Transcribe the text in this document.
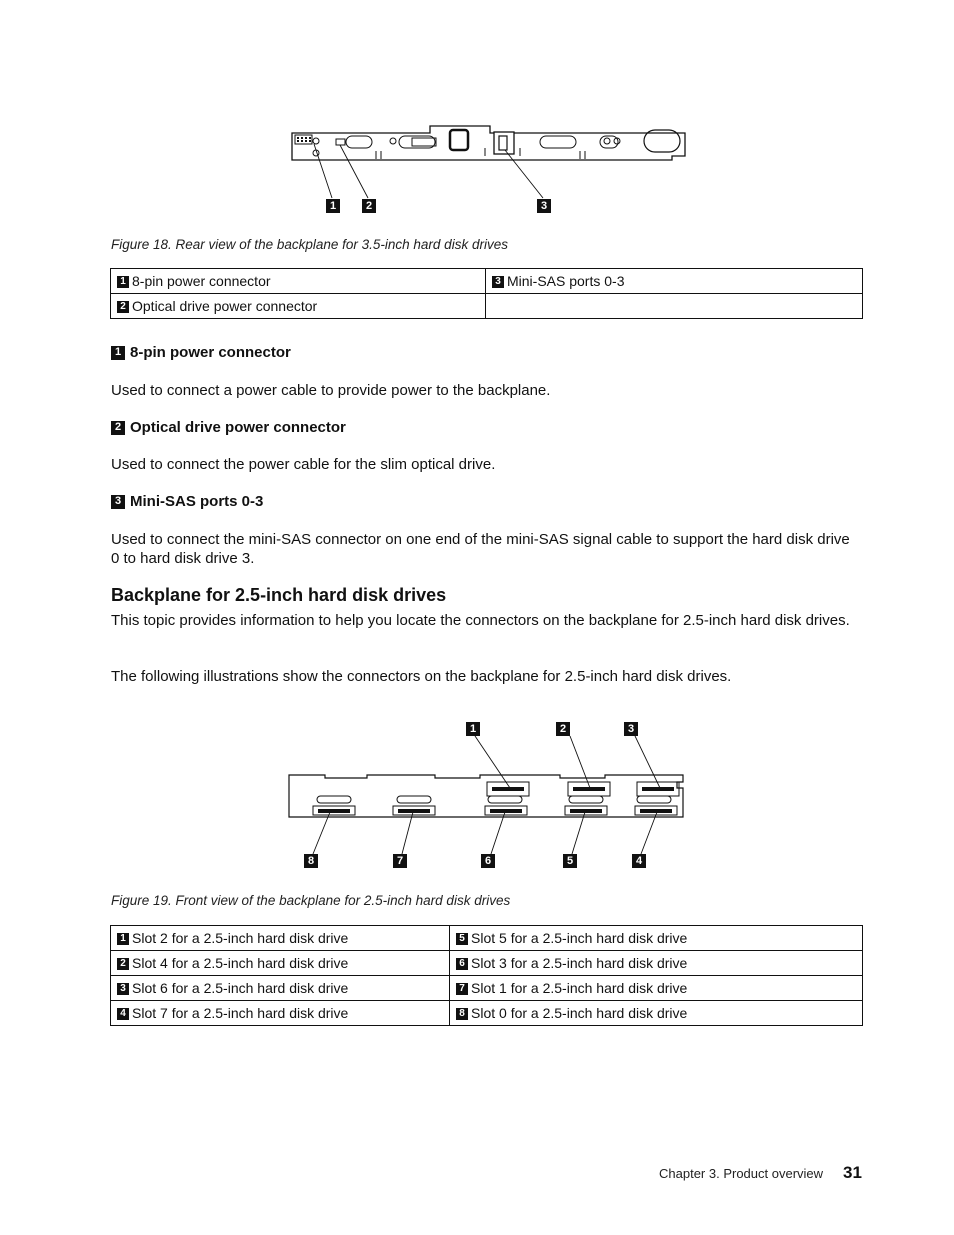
1	2	3
Figure 18. Rear view of the backplane for 3.5-inch hard disk drives
1 8-pin power connector	3 Mini-SAS ports 0-3
2 Optical drive power connector	
1 8-pin power connector
Used to connect a power cable to provide power to the backplane.
2 Optical drive power connector
Used to connect the power cable for the slim optical drive.
3 Mini-SAS ports 0-3
Used to connect the mini-SAS connector on one end of the mini-SAS signal cable to support the hard disk drive 0 to hard disk drive 3.
Backplane for 2.5-inch hard disk drives
This topic provides information to help you locate the connectors on the backplane for 2.5-inch hard disk drives.
The following illustrations show the connectors on the backplane for 2.5-inch hard disk drives.
1	2	3
8	7	6	5	4
Figure 19. Front view of the backplane for 2.5-inch hard disk drives
1 Slot 2 for a 2.5-inch hard disk drive	5 Slot 5 for a 2.5-inch hard disk drive
2 Slot 4 for a 2.5-inch hard disk drive	6 Slot 3 for a 2.5-inch hard disk drive
3 Slot 6 for a 2.5-inch hard disk drive	7 Slot 1 for a 2.5-inch hard disk drive
4 Slot 7 for a 2.5-inch hard disk drive	8 Slot 0 for a 2.5-inch hard disk drive
Chapter 3. Product overview 31
